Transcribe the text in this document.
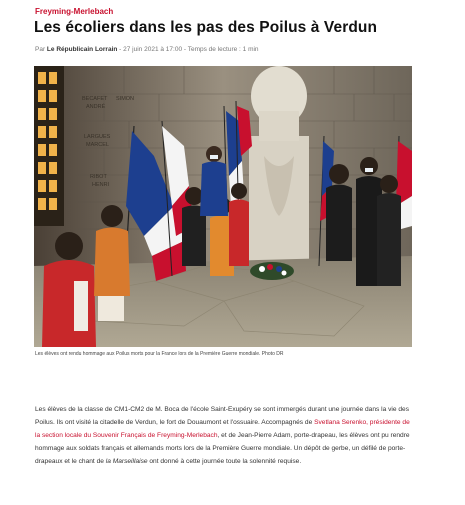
Freyming-Merlebach
Les écoliers dans les pas des Poilus à Verdun
Par Le Républicain Lorrain - 27 juin 2021 à 17:00 - Temps de lecture : 1 min
BECAFET
ANDRÉ
SIMON
LARGUES
MARCEL
RIBOT
HENRI
Les élèves ont rendu hommage aux Poilus morts pour la France lors de la Première Guerre mondiale. Photo DR

Les élèves de la classe de CM1-CM2 de M. Boca de l'école Saint-Exupéry se sont immergés durant une journée dans la vie des Poilus. Ils ont visité la citadelle de Verdun, le fort de Douaumont et l'ossuaire. Accompagnés de Svetlana Serenko, présidente de la section locale du Souvenir Français de Freyming-Merlebach, et de Jean-Pierre Adam, porte-drapeau, les élèves ont pu rendre hommage aux soldats français et allemands morts lors de la Première Guerre mondiale. Un dépôt de gerbe, un défilé de porte-drapeaux et le chant de la Marseillaise ont donné à cette journée toute la solennité requise.
